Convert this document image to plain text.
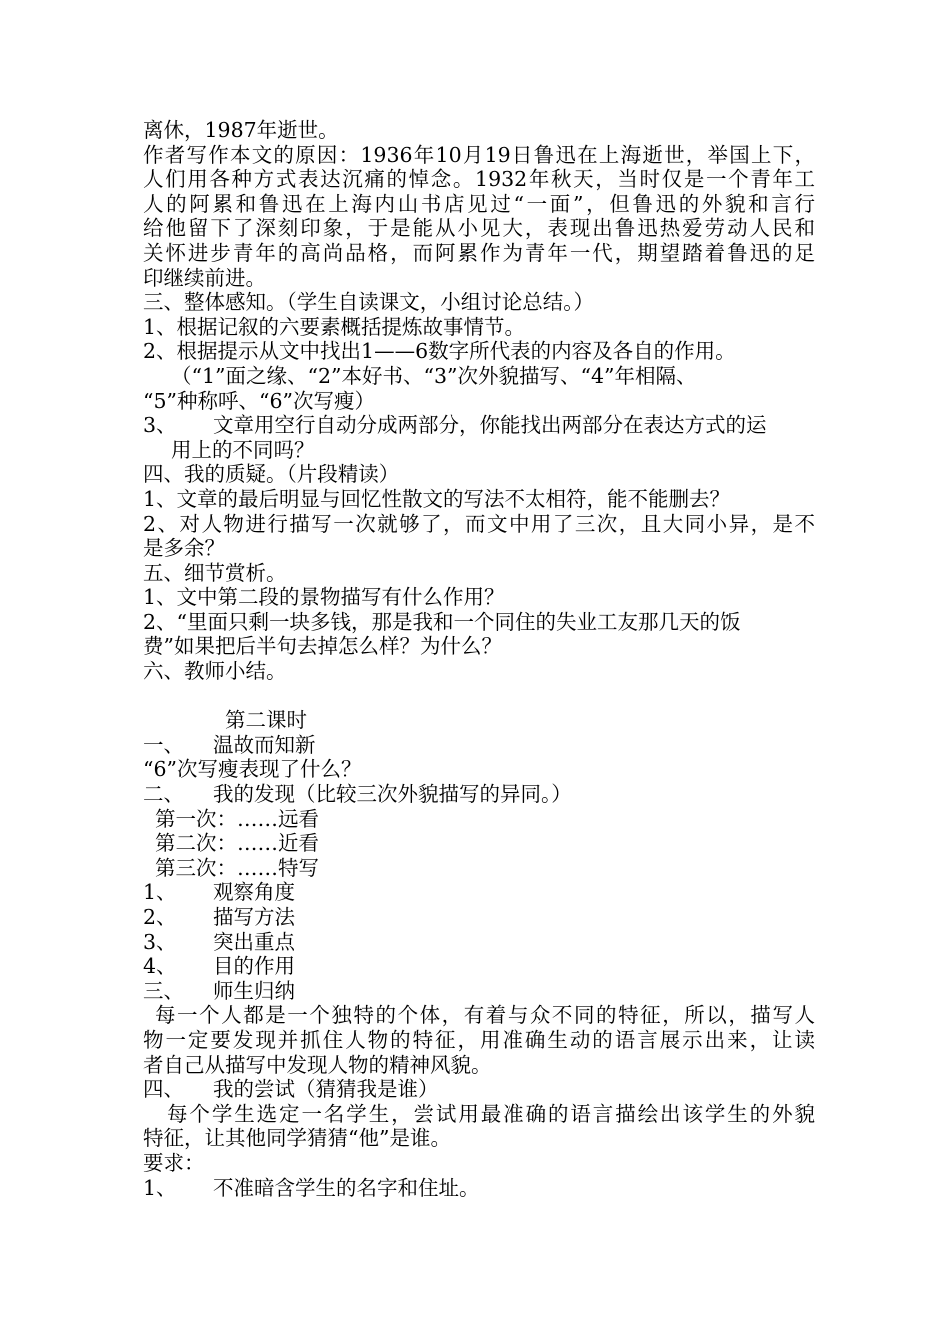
离休，1987年逝世。
作者写作本文的原因：1936年10月19日鲁迅在上海逝世，举国上下，
人们用各种方式表达沉痛的悼念。1932年秋天，当时仅是一个青年工
人的阿累和鲁迅在上海内山书店见过“一面”，但鲁迅的外貌和言行
给他留下了深刻印象，于是能从小见大，表现出鲁迅热爱劳动人民和
关怀进步青年的高尚品格，而阿累作为青年一代，期望踏着鲁迅的足
印继续前进。
三、整体感知。（学生自读课文，小组讨论总结。）
1、根据记叙的六要素概括提炼故事情节。
2、根据提示从文中找出1——6数字所代表的内容及各自的作用。
（“1”面之缘、“2”本好书、“3”次外貌描写、“4”年相隔、
“5”种称呼、“6”次写瘦）
3、 文章用空行自动分成两部分，你能找出两部分在表达方式的运
用上的不同吗？
四、我的质疑。（片段精读）
1、文章的最后明显与回忆性散文的写法不太相符，能不能删去？
2、对人物进行描写一次就够了，而文中用了三次，且大同小异，是不
是多余？
五、细节赏析。
1、文中第二段的景物描写有什么作用？
2、“里面只剩一块多钱，那是我和一个同住的失业工友那几天的饭
费”如果把后半句去掉怎么样？为什么？
六、教师小结。
第二课时
一、 温故而知新
“6”次写瘦表现了什么？
二、 我的发现（比较三次外貌描写的异同。）
第一次：……远看
第二次：……近看
第三次：……特写
1、 观察角度
2、 描写方法
3、 突出重点
4、 目的作用
三、 师生归纳
每一个人都是一个独特的个体，有着与众不同的特征，所以，描写人
物一定要发现并抓住人物的特征，用准确生动的语言展示出来，让读
者自己从描写中发现人物的精神风貌。
四、 我的尝试（猜猜我是谁）
每个学生选定一名学生，尝试用最准确的语言描绘出该学生的外貌
特征，让其他同学猜猜“他”是谁。
要求：
1、 不准暗含学生的名字和住址。
